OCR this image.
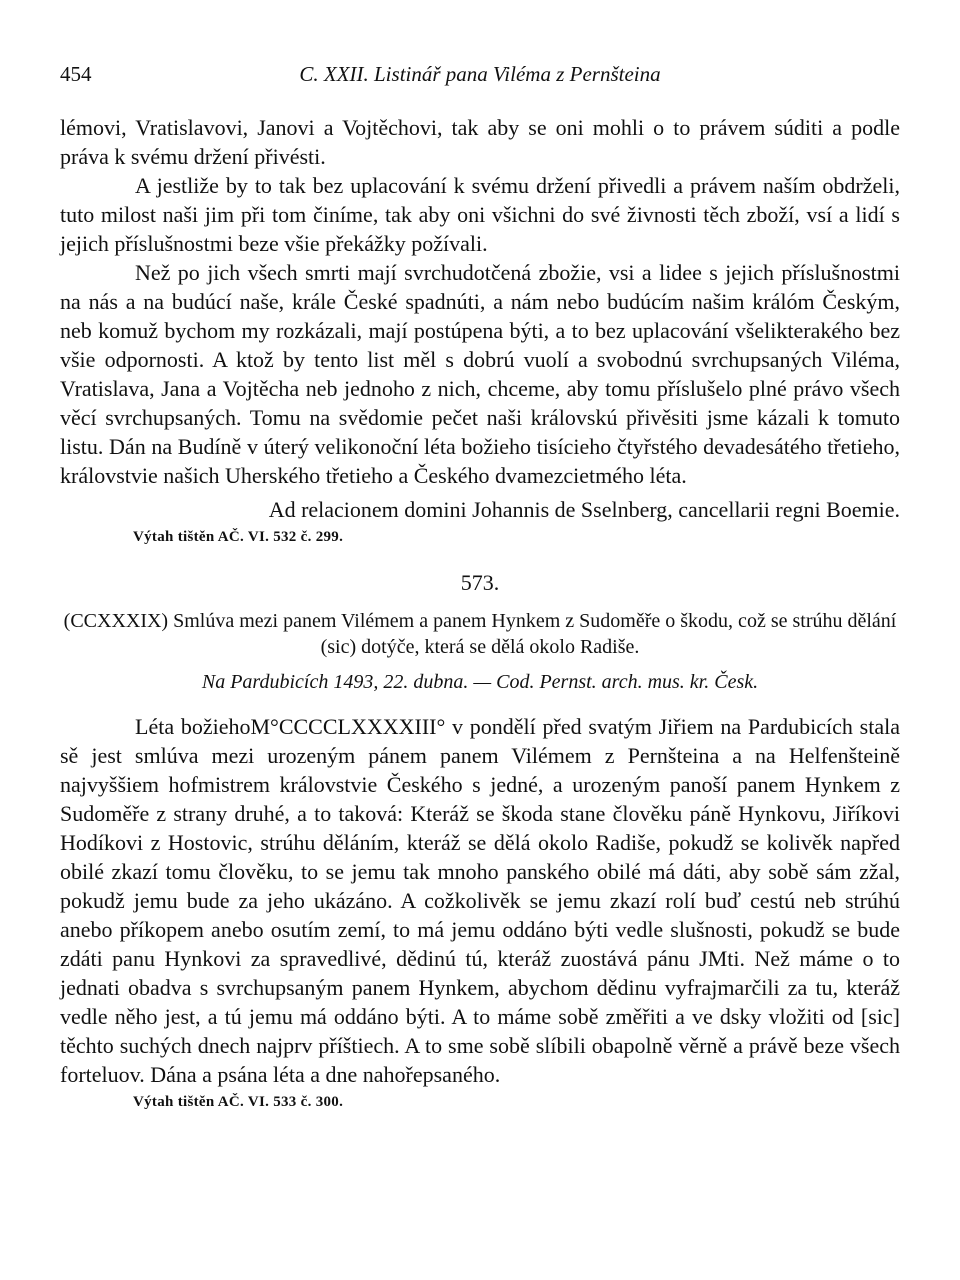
454	C. XXII. Listinář pana Viléma z Pernšteina

lémovi, Vratislavovi, Janovi a Vojtěchovi, tak aby se oni mohli o to právem súditi a podle práva k svému držení přivésti.

A jestliže by to tak bez uplacování k svému držení přivedli a právem naším obdrželi, tuto milost naši jim při tom činíme, tak aby oni všichni do své živnosti těch zboží, vsí a lidí s jejich příslušnostmi beze všie překážky požívali.

Než po jich všech smrti mají svrchudotčená zbožie, vsi a lidee s jejich příslušnostmi na nás a na budúcí naše, krále České spadnúti, a nám nebo budúcím našim králóm Českým, neb komuž bychom my rozkázali, mají postúpena býti, a to bez uplacování všelikterakého bez všie odpornosti. A ktož by tento list měl s dobrú vuolí a svobodnú svrchupsaných Viléma, Vratislava, Jana a Vojtěcha neb jednoho z nich, chceme, aby tomu příslušelo plné právo všech věcí svrchupsaných. Tomu na svědomie pečet naši královskú přivěsiti jsme kázali k tomuto listu. Dán na Budíně v úterý velikonoční léta božieho tisícieho čtyřstého devadesátého třetieho, královstvie našich Uherského třetieho a Českého dvamezcietmého léta.

Ad relacionem domini Johannis de Sselnberg, cancellarii regni Boemie.

Výtah tištěn AČ. VI. 532 č. 299.

573.

(CCXXXIX) Smlúva mezi panem Vilémem a panem Hynkem z Sudoměře o škodu, což se strúhu dělání (sic) dotýče, která se dělá okolo Radiše.

Na Pardubicích 1493, 22. dubna. — Cod. Pernst. arch. mus. kr. Česk.

Léta božiehoM°CCCCLXXXXIII° v pondělí před svatým Jiřiem na Pardubicích stala sě jest smlúva mezi urozeným pánem panem Vilémem z Pernšteina a na Helfenšteině najvyššiem hofmistrem královstvie Českého s jedné, a urozeným panoší panem Hynkem z Sudoměře z strany druhé, a to taková: Kteráž se škoda stane člověku páně Hynkovu, Jiříkovi Hodíkovi z Hostovic, strúhu děláním, kteráž se dělá okolo Radiše, pokudž se kolivěk napřed obilé zkazí tomu člověku, to se jemu tak mnoho panského obilé má dáti, aby sobě sám zžal, pokudž jemu bude za jeho ukázáno. A cožkolivěk se jemu zkazí rolí buď cestú neb strúhú anebo příkopem anebo osutím zemí, to má jemu oddáno býti vedle slušnosti, pokudž se bude zdáti panu Hynkovi za spravedlivé, dědinú tú, kteráž zuostává pánu JMti. Než máme o to jednati obadva s svrchupsaným panem Hynkem, abychom dědinu vyfrajmarčili za tu, kteráž vedle něho jest, a tú jemu má oddáno býti. A to máme sobě změřiti a ve dsky vložiti od [sic] těchto suchých dnech najprv příštiech. A to sme sobě slíbili obapolně věrně a právě beze všech forteluov. Dána a psána léta a dne nahořepsaného.

Výtah tištěn AČ. VI. 533 č. 300.
